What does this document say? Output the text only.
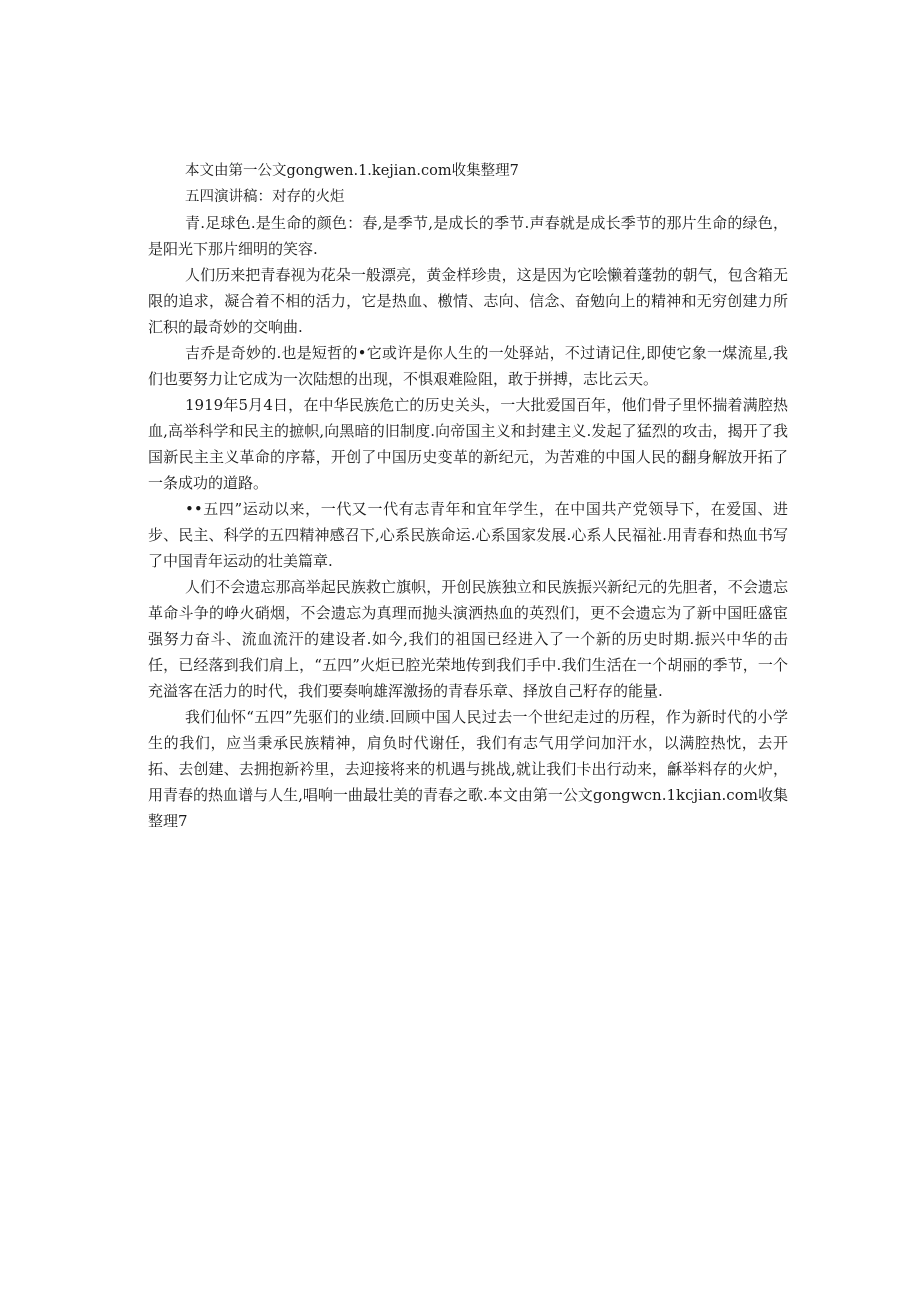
本文由第一公文gongwen.1.kejian.com收集整理7

五四演讲稿：对存的火炬

青.足球色.是生命的颜色：春,是季节,是成长的季节.声春就是成长季节的那片生命的绿色，是阳光下那片细明的笑容.

人们历来把青春视为花朵一般漂亮，黄金样珍贵，这是因为它哙懒着蓬勃的朝气，包含箱无限的追求，凝合着不相的活力，它是热血、檄情、志向、信念、奋勉向上的精神和无穷创建力所汇积的最奇妙的交响曲.

吉乔是奇妙的.也是短哲的•它或许是你人生的一处驿站，不过请记住,即使它象一煤流星,我们也要努力让它成为一次陆想的出现，不惧艰难险阻，敢于拼搏，志比云天。

1919年5月4日，在中华民族危亡的历史关头，一大批爱国百年，他们骨子里怀揣着满腔热血,高举科学和民主的摭帜,向黑暗的旧制度.向帝国主义和封建主义.发起了猛烈的攻击，揭开了我国新民主主义革命的序幕，开创了中国历史变革的新纪元，为苦难的中国人民的翻身解放开拓了一条成功的道路。

••五四”运动以来，一代又一代有志青年和宜年学生，在中国共产党领导下，在爱国、进步、民主、科学的五四精神感召下,心系民族命运.心系国家发展.心系人民福祉.用青春和热血书写了中国青年运动的壮美篇章.

人们不会遗忘那高举起民族救亡旗帜，开创民族独立和民族振兴新纪元的先胆者，不会遗忘革命斗争的峥火硝烟，不会遗忘为真理而抛头演洒热血的英烈们，更不会遗忘为了新中国旺盛宦强努力奋斗、流血流汗的建设者.如今,我们的祖国已经进入了一个新的历史时期.振兴中华的击任，已经落到我们肩上，“五四”火炬已腔光荣地传到我们手中.我们生活在一个胡丽的季节，一个充溢客在活力的时代，我们要奏响雄浑激扬的青春乐章、择放自己籽存的能量.

我们仙怀“五四”先驱们的业绩.回顾中国人民过去一个世纪走过的历程，作为新时代的小学生的我们，应当秉承民族精神，肩负时代谢任，我们有志气用学问加汗水，以满腔热忱，去开拓、去创建、去拥抱新衿里，去迎接将来的机遇与挑战,就让我们卡出行动来，龢举料存的火炉，用青春的热血谱与人生,唱响一曲最壮美的青春之歌.本文由第一公文gongwcn.1kcjian.com收集整理7
